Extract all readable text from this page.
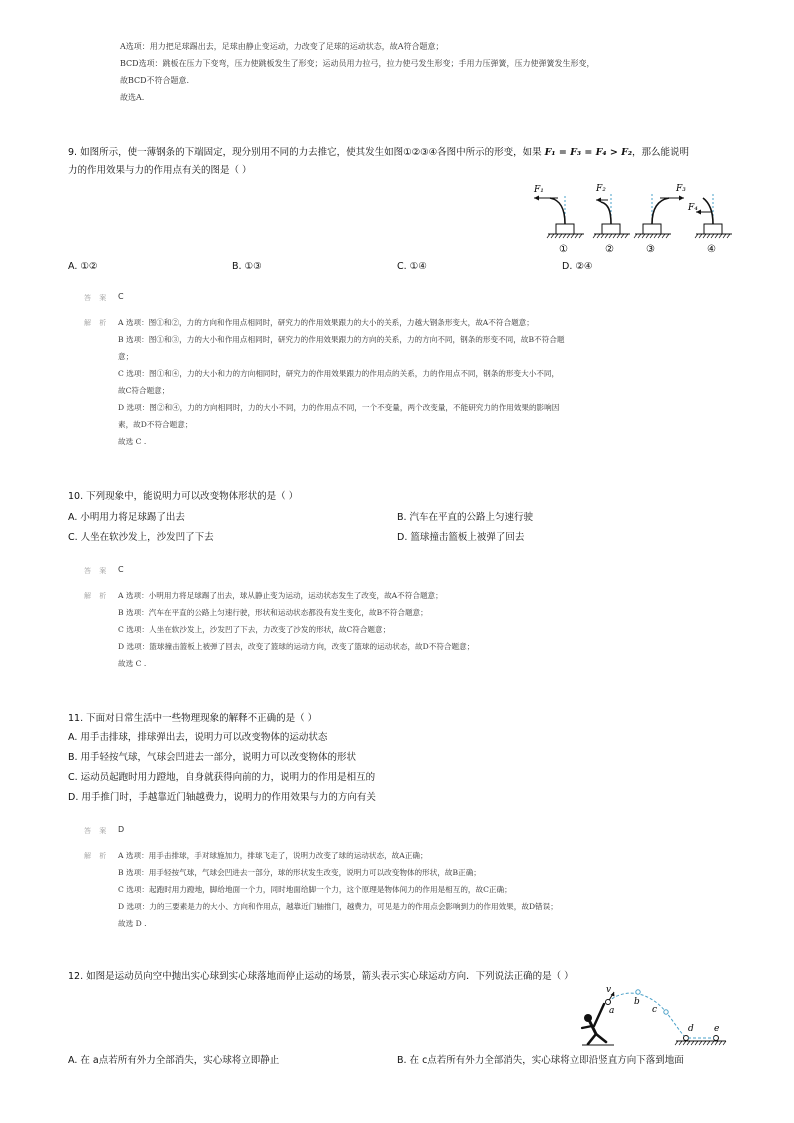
A选项：用力把足球踢出去，足球由静止变运动，力改变了足球的运动状态，故A符合题意；
BCD选项：跳板在压力下变弯，压力使跳板发生了形变；运动员用力拉弓，拉力使弓发生形变；手用力压弹簧，压力使弹簧发生形变，
故BCD不符合题意.
故选A.
9. 如图所示，使一薄钢条的下端固定，现分别用不同的力去推它，使其发生如图①②③④各图中所示的形变，如果 F₁ = F₃ = F₄ > F₂，那么能说明
力的作用效果与力的作用点有关的图是（ ）
F₁
①
F₂
②
F₃
③
F₄
④
A. ①②	B. ①③	C. ①④	D. ②④
答 案 C
解 析 A 选项：图①和②，力的方向和作用点相同时，研究力的作用效果跟力的大小的关系，力越大钢条形变大，故A不符合题意；
B 选项：图①和③，力的大小和作用点相同时，研究力的作用效果跟力的方向的关系，力的方向不同，钢条的形变不同，故B不符合题
意；
C 选项：图①和④，力的大小和力的方向相同时，研究力的作用效果跟力的作用点的关系，力的作用点不同，钢条的形变大小不同，
故C符合题意；
D 选项：图②和④，力的方向相同时，力的大小不同，力的作用点不同，一个不变量，两个改变量，不能研究力的作用效果的影响因
素，故D不符合题意；
故选 C .
10. 下列现象中，能说明力可以改变物体形状的是（ ）
A. 小明用力将足球踢了出去	B. 汽车在平直的公路上匀速行驶
C. 人坐在软沙发上，沙发凹了下去	D. 篮球撞击篮板上被弹了回去
答 案 C
解 析 A 选项：小明用力将足球踢了出去，球从静止变为运动，运动状态发生了改变，故A不符合题意；
B 选项：汽车在平直的公路上匀速行驶，形状和运动状态都没有发生变化，故B不符合题意；
C 选项：人坐在软沙发上，沙发凹了下去，力改变了沙发的形状，故C符合题意；
D 选项：篮球撞击篮板上被弹了回去，改变了篮球的运动方向，改变了篮球的运动状态，故D不符合题意；
故选 C .
11. 下面对日常生活中一些物理现象的解释不正确的是（ ）
A. 用手击排球，排球弹出去，说明力可以改变物体的运动状态
B. 用手轻按气球，气球会凹进去一部分，说明力可以改变物体的形状
C. 运动员起跑时用力蹬地，自身就获得向前的力，说明力的作用是相互的
D. 用手推门时，手越靠近门轴越费力，说明力的作用效果与力的方向有关
答 案 D
解 析 A 选项：用手击排球，手对球施加力，排球飞走了，说明力改变了球的运动状态，故A正确；
B 选项：用手轻按气球，气球会凹进去一部分，球的形状发生改变，说明力可以改变物体的形状，故B正确；
C 选项：起跑时用力蹬地，脚给地面一个力，同时地面给脚一个力，这个原理是物体间力的作用是相互的，故C正确；
D 选项：力的三要素是力的大小、方向和作用点，越靠近门轴推门，越费力，可见是力的作用点会影响到力的作用效果，故D错误；
故选 D .
12. 如图是运动员向空中抛出实心球到实心球落地而停止运动的场景，箭头表示实心球运动方向．下列说法正确的是（ ）
v
a
b
c
d e
A. 在 a点若所有外力全部消失，实心球将立即静止	B. 在 c点若所有外力全部消失，实心球将立即沿竖直方向下落到地面
